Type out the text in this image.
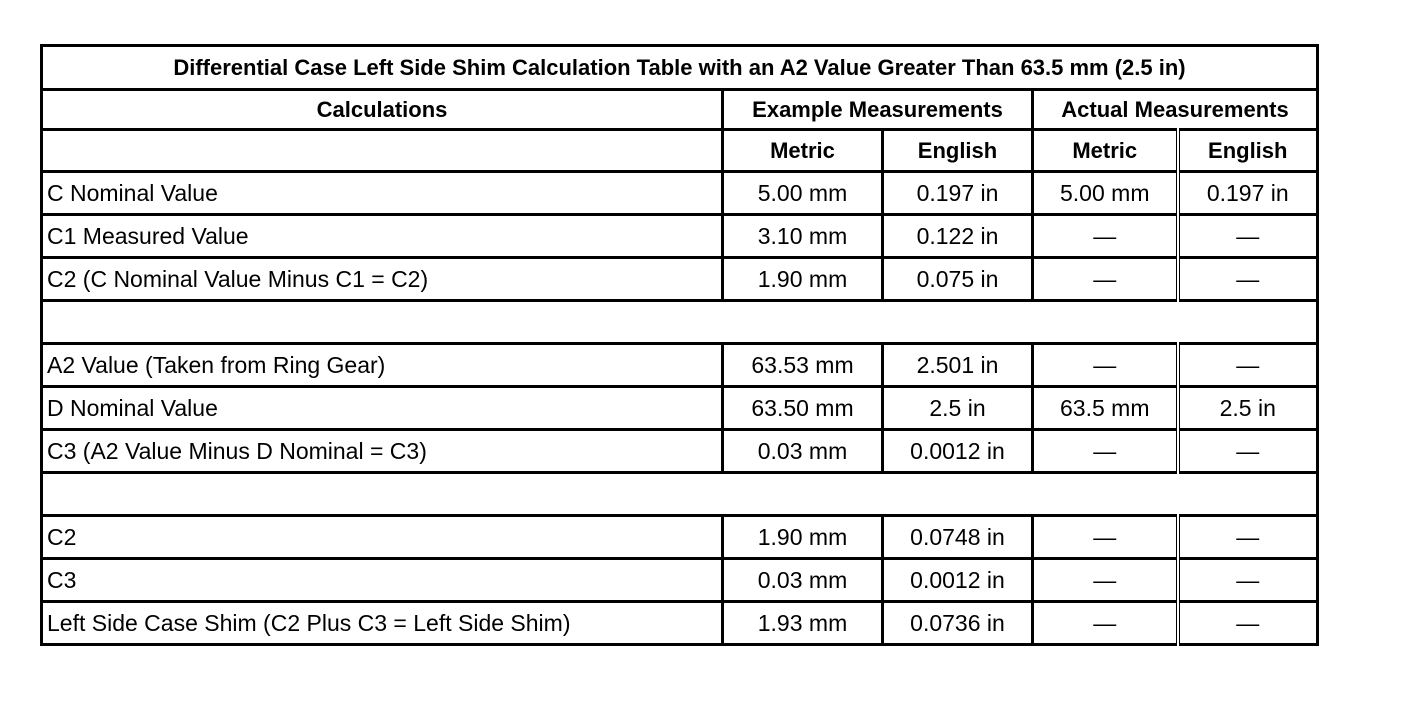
Differential Case Left Side Shim Calculation Table with an A2 Value Greater Than 63.5 mm (2.5 in)				
Calculations	Example Measurements		Actual Measurements	
	Metric	English	Metric	English
C Nominal Value	5.00 mm	0.197 in	5.00 mm	0.197 in
C1 Measured Value	3.10 mm	0.122 in	—	—
C2 (C Nominal Value Minus C1 = C2)	1.90 mm	0.075 in	—	—

A2 Value (Taken from Ring Gear)	63.53 mm	2.501 in	—	—
D Nominal Value	63.50 mm	2.5 in	63.5 mm	2.5 in
C3 (A2 Value Minus D Nominal = C3)	0.03 mm	0.0012 in	—	—

C2	1.90 mm	0.0748 in	—	—
C3	0.03 mm	0.0012 in	—	—
Left Side Case Shim (C2 Plus C3 = Left Side Shim)	1.93 mm	0.0736 in	—	—
